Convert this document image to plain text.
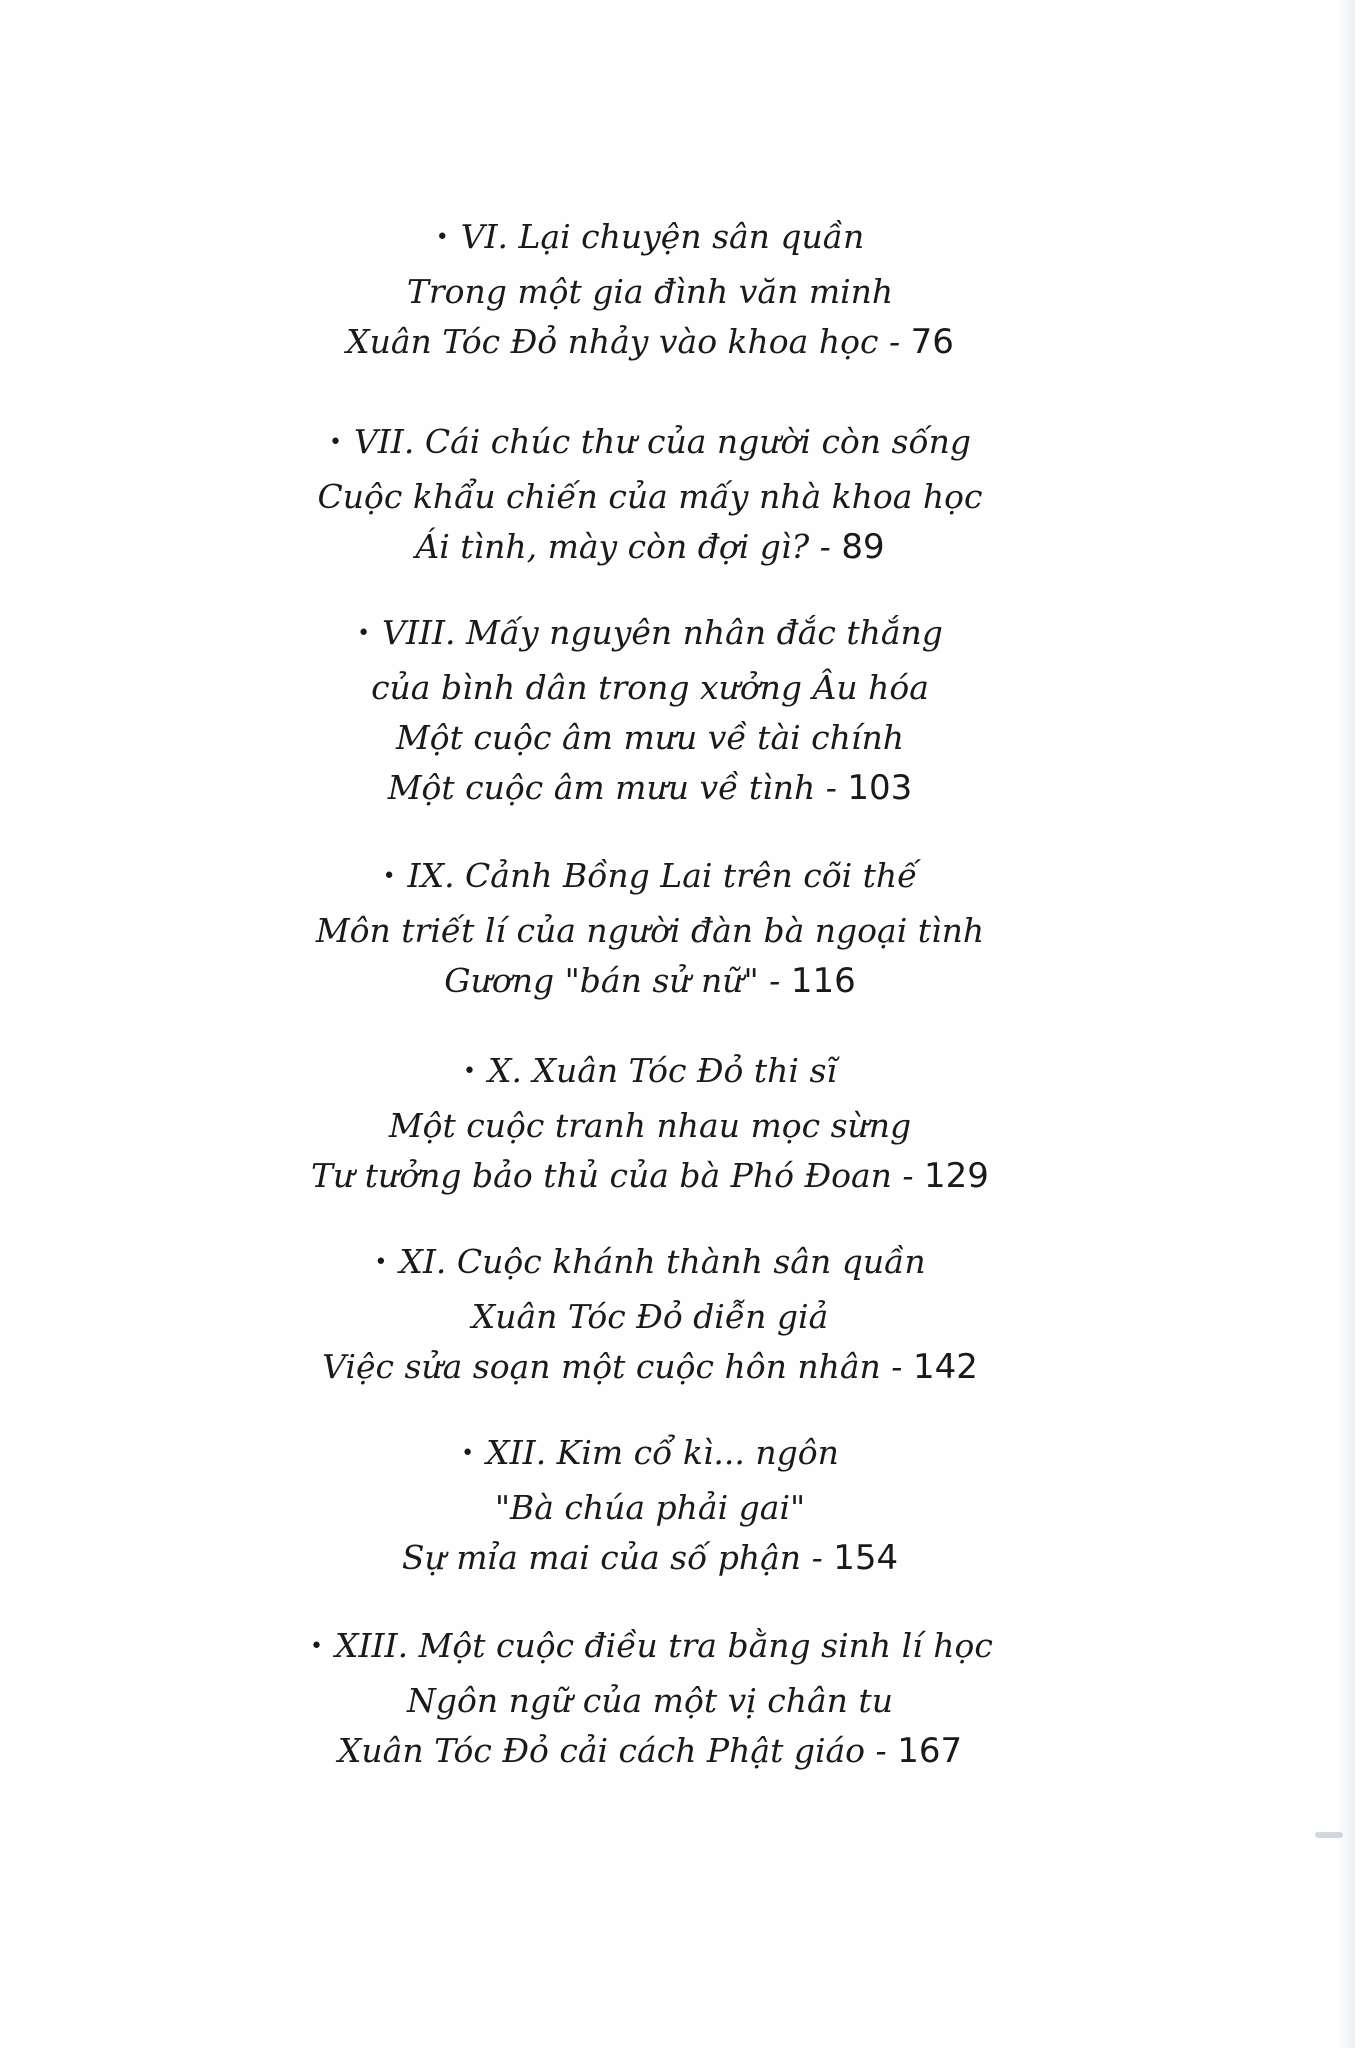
• VI. Lại chuyện sân quần
Trong một gia đình văn minh
Xuân Tóc Đỏ nhảy vào khoa học - 76
• VII. Cái chúc thư của người còn sống
Cuộc khẩu chiến của mấy nhà khoa học
Ái tình, mày còn đợi gì? - 89
• VIII. Mấy nguyên nhân đắc thắng
của bình dân trong xưởng Âu hóa
Một cuộc âm mưu về tài chính
Một cuộc âm mưu về tình - 103
• IX. Cảnh Bồng Lai trên cõi thế
Môn triết lí của người đàn bà ngoại tình
Gương "bán sử nữ" - 116
• X. Xuân Tóc Đỏ thi sĩ
Một cuộc tranh nhau mọc sừng
Tư tưởng bảo thủ của bà Phó Đoan - 129
• XI. Cuộc khánh thành sân quần
Xuân Tóc Đỏ diễn giả
Việc sửa soạn một cuộc hôn nhân - 142
• XII. Kim cổ kì... ngôn
"Bà chúa phải gai"
Sự mỉa mai của số phận - 154
• XIII. Một cuộc điều tra bằng sinh lí học
Ngôn ngữ của một vị chân tu
Xuân Tóc Đỏ cải cách Phật giáo - 167
